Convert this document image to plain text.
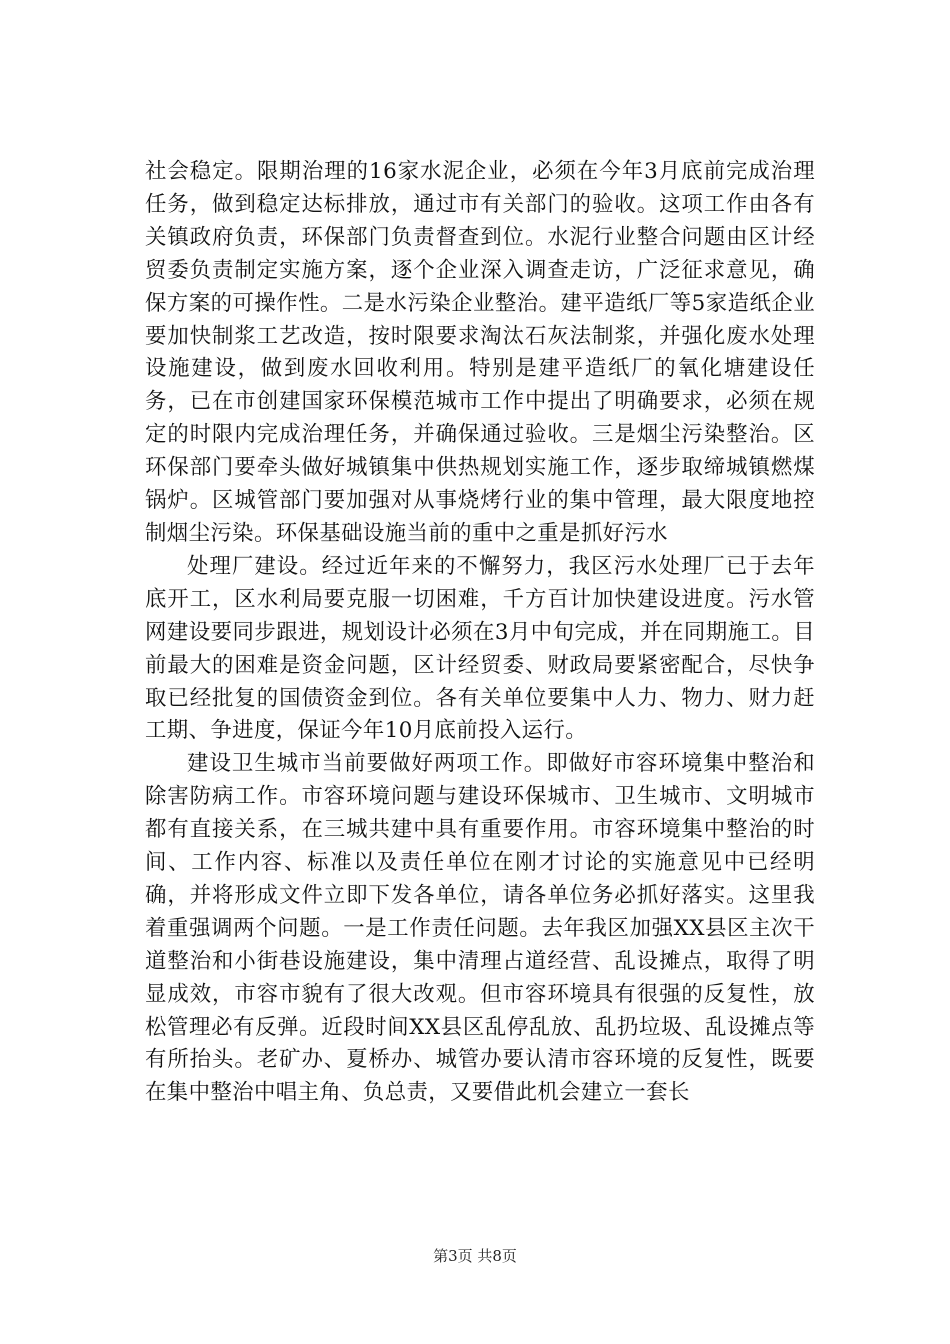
社会稳定。限期治理的16家水泥企业，必须在今年3月底前完成治理任务，做到稳定达标排放，通过市有关部门的验收。这项工作由各有关镇政府负责，环保部门负责督查到位。水泥行业整合问题由区计经贸委负责制定实施方案，逐个企业深入调查走访，广泛征求意见，确保方案的可操作性。二是水污染企业整治。建平造纸厂等5家造纸企业要加快制浆工艺改造，按时限要求淘汰石灰法制浆，并强化废水处理设施建设，做到废水回收利用。特别是建平造纸厂的氧化塘建设任务，已在市创建国家环保模范城市工作中提出了明确要求，必须在规定的时限内完成治理任务，并确保通过验收。三是烟尘污染整治。区环保部门要牵头做好城镇集中供热规划实施工作，逐步取缔城镇燃煤锅炉。区城管部门要加强对从事烧烤行业的集中管理，最大限度地控制烟尘污染。环保基础设施当前的重中之重是抓好污水

处理厂建设。经过近年来的不懈努力，我区污水处理厂已于去年底开工，区水利局要克服一切困难，千方百计加快建设进度。污水管网建设要同步跟进，规划设计必须在3月中旬完成，并在同期施工。目前最大的困难是资金问题，区计经贸委、财政局要紧密配合，尽快争取已经批复的国债资金到位。各有关单位要集中人力、物力、财力赶工期、争进度，保证今年10月底前投入运行。

建设卫生城市当前要做好两项工作。即做好市容环境集中整治和除害防病工作。市容环境问题与建设环保城市、卫生城市、文明城市都有直接关系，在三城共建中具有重要作用。市容环境集中整治的时间、工作内容、标准以及责任单位在刚才讨论的实施意见中已经明确，并将形成文件立即下发各单位，请各单位务必抓好落实。这里我着重强调两个问题。一是工作责任问题。去年我区加强XX县区主次干道整治和小街巷设施建设，集中清理占道经营、乱设摊点，取得了明显成效，市容市貌有了很大改观。但市容环境具有很强的反复性，放松管理必有反弹。近段时间XX县区乱停乱放、乱扔垃圾、乱设摊点等有所抬头。老矿办、夏桥办、城管办要认清市容环境的反复性，既要在集中整治中唱主角、负总责，又要借此机会建立一套长

第3页 共8页
